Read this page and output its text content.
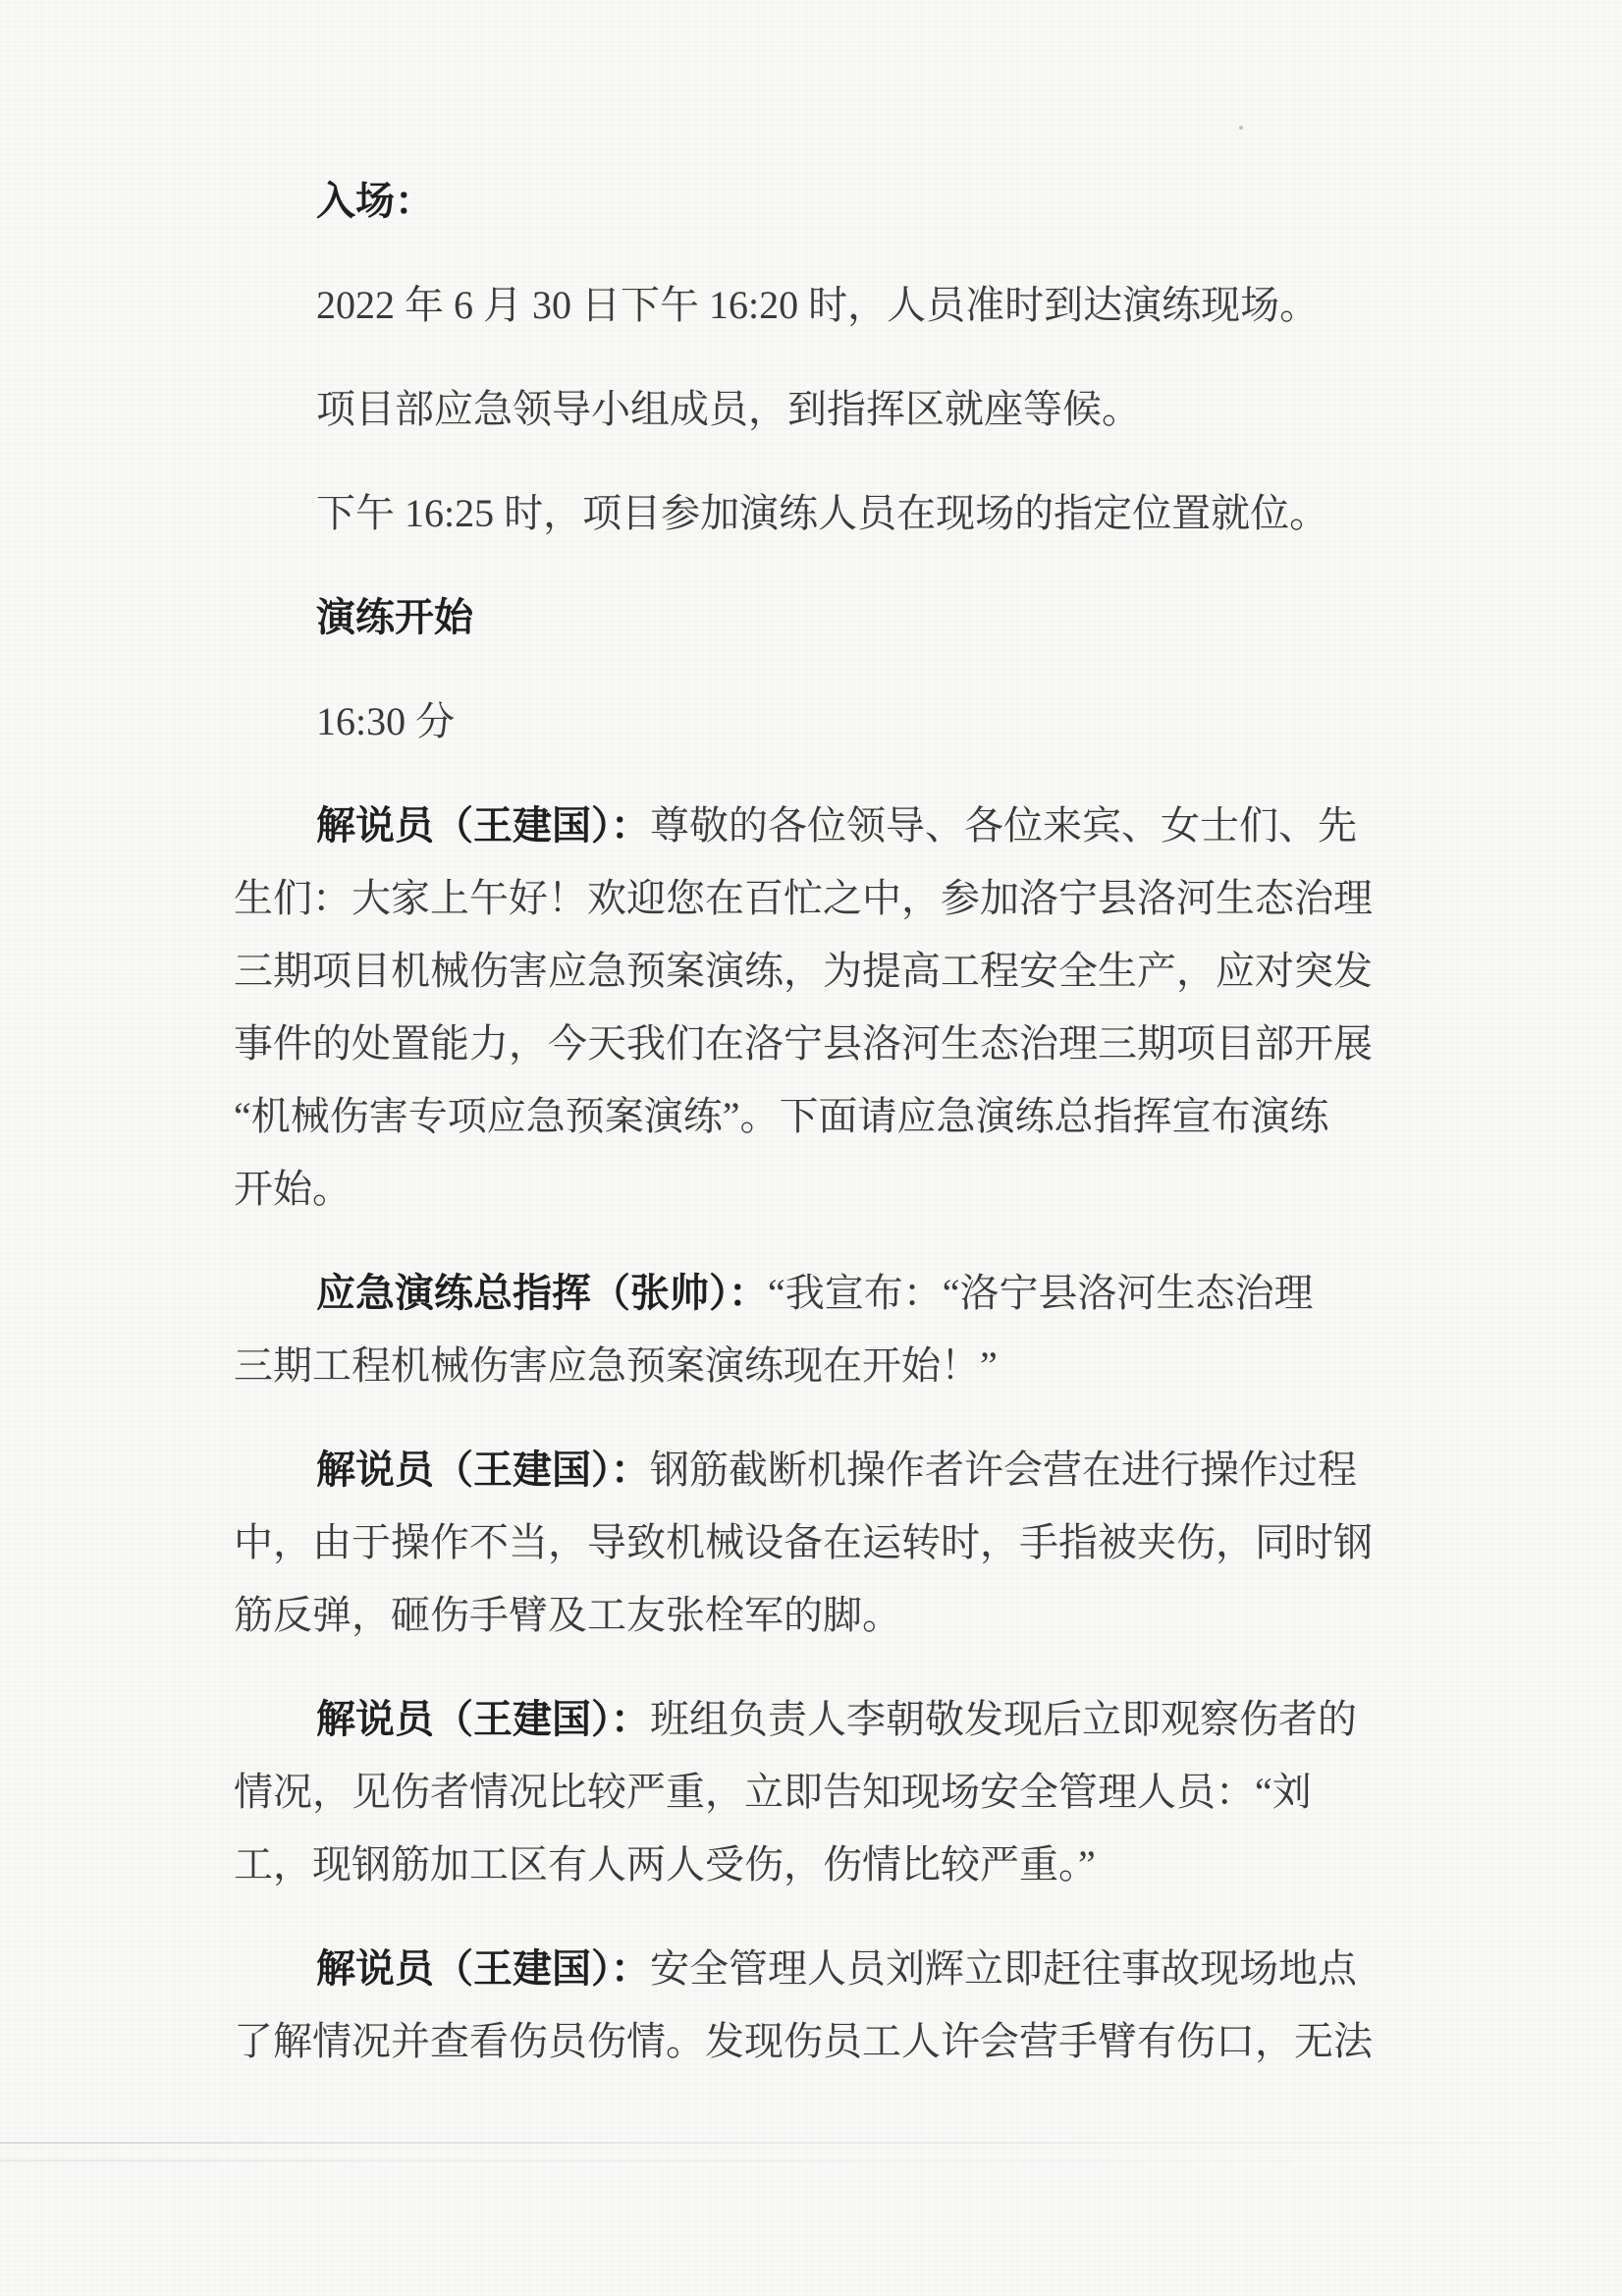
入场：
2022 年 6 月 30 日下午 16:20 时，人员准时到达演练现场。
项目部应急领导小组成员，到指挥区就座等候。
下午 16:25 时，项目参加演练人员在现场的指定位置就位。
演练开始
16:30 分
解说员（王建国）：尊敬的各位领导、各位来宾、女士们、先
生们：大家上午好！欢迎您在百忙之中，参加洛宁县洛河生态治理
三期项目机械伤害应急预案演练，为提高工程安全生产，应对突发
事件的处置能力，今天我们在洛宁县洛河生态治理三期项目部开展
“机械伤害专项应急预案演练”。下面请应急演练总指挥宣布演练
开始。
应急演练总指挥（张帅）：“我宣布：“洛宁县洛河生态治理
三期工程机械伤害应急预案演练现在开始！”
解说员（王建国）：钢筋截断机操作者许会营在进行操作过程
中，由于操作不当，导致机械设备在运转时，手指被夹伤，同时钢
筋反弹，砸伤手臂及工友张栓军的脚。
解说员（王建国）：班组负责人李朝敬发现后立即观察伤者的
情况，见伤者情况比较严重，立即告知现场安全管理人员：“刘
工，现钢筋加工区有人两人受伤，伤情比较严重。”
解说员（王建国）：安全管理人员刘辉立即赶往事故现场地点
了解情况并查看伤员伤情。发现伤员工人许会营手臂有伤口，无法
